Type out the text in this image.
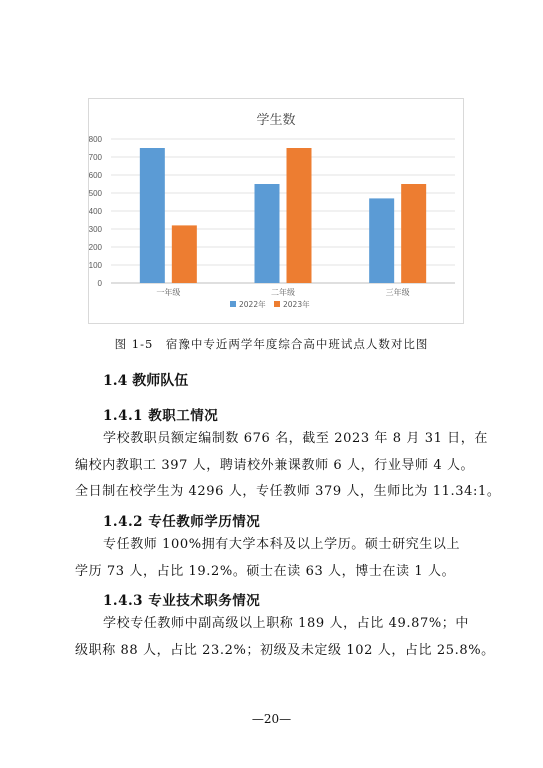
学生数
0
100
200
300
400
500
600
700
800
一年级	二年级	三年级
2022年 2023年
图 1-5　宿豫中专近两学年度综合高中班试点人数对比图
1.4 教师队伍
1.4.1 教职工情况

学校教职员额定编制数 676 名，截至 2023 年 8 月 31 日，在
编校内教职工 397 人，聘请校外兼课教师 6 人，行业导师 4 人。
全日制在校学生为 4296 人，专任教师 379 人，生师比为 11.34:1。

1.4.2 专任教师学历情况

专任教师 100%拥有大学本科及以上学历。硕士研究生以上
学历 73 人，占比 19.2%。硕士在读 63 人，博士在读 1 人。

1.4.3 专业技术职务情况

学校专任教师中副高级以上职称 189 人，占比 49.87%；中
级职称 88 人，占比 23.2%；初级及未定级 102 人，占比 25.8%。

—20—
